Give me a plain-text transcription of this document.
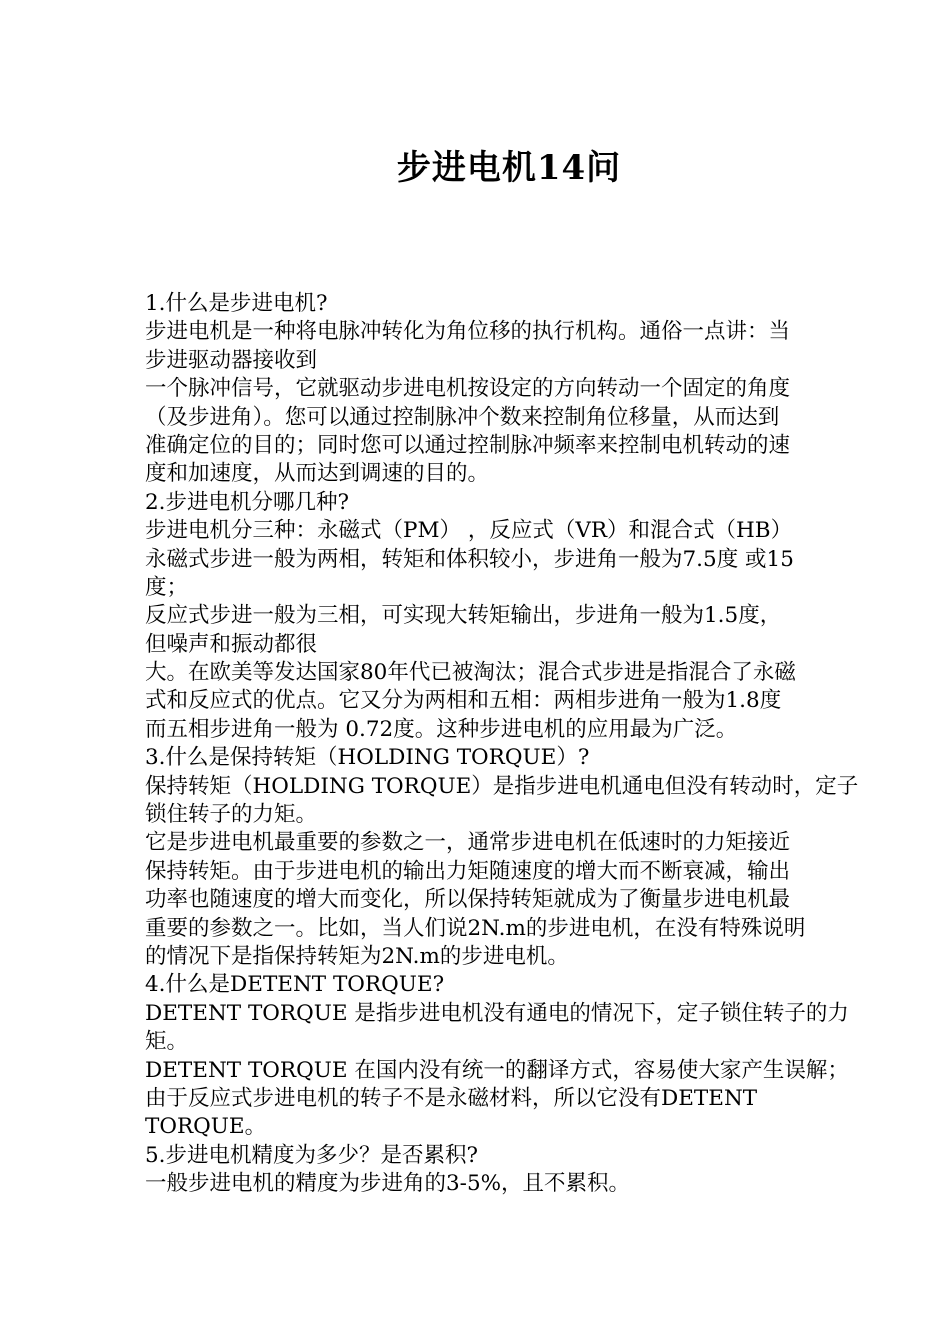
步进电机14问
1.什么是步进电机?
步进电机是一种将电脉冲转化为角位移的执行机构。通俗一点讲：当
步进驱动器接收到
一个脉冲信号，它就驱动步进电机按设定的方向转动一个固定的角度
（及步进角）。您可以通过控制脉冲个数来控制角位移量，从而达到
准确定位的目的；同时您可以通过控制脉冲频率来控制电机转动的速
度和加速度，从而达到调速的目的。
2.步进电机分哪几种?
步进电机分三种：永磁式（PM） ，反应式（VR）和混合式（HB）
永磁式步进一般为两相，转矩和体积较小，步进角一般为7.5度 或15
度；
反应式步进一般为三相，可实现大转矩输出，步进角一般为1.5度，
但噪声和振动都很
大。在欧美等发达国家80年代已被淘汰；混合式步进是指混合了永磁
式和反应式的优点。它又分为两相和五相：两相步进角一般为1.8度
而五相步进角一般为 0.72度。这种步进电机的应用最为广泛。
3.什么是保持转矩（HOLDING TORQUE）?
保持转矩（HOLDING TORQUE）是指步进电机通电但没有转动时，定子
锁住转子的力矩。
它是步进电机最重要的参数之一，通常步进电机在低速时的力矩接近
保持转矩。由于步进电机的输出力矩随速度的增大而不断衰减，输出
功率也随速度的增大而变化，所以保持转矩就成为了衡量步进电机最
重要的参数之一。比如，当人们说2N.m的步进电机，在没有特殊说明
的情况下是指保持转矩为2N.m的步进电机。
4.什么是DETENT TORQUE?
DETENT TORQUE 是指步进电机没有通电的情况下，定子锁住转子的力
矩。
DETENT TORQUE 在国内没有统一的翻译方式，容易使大家产生误解；
由于反应式步进电机的转子不是永磁材料，所以它没有DETENT
TORQUE。
5.步进电机精度为多少？是否累积?
一般步进电机的精度为步进角的3-5%，且不累积。
